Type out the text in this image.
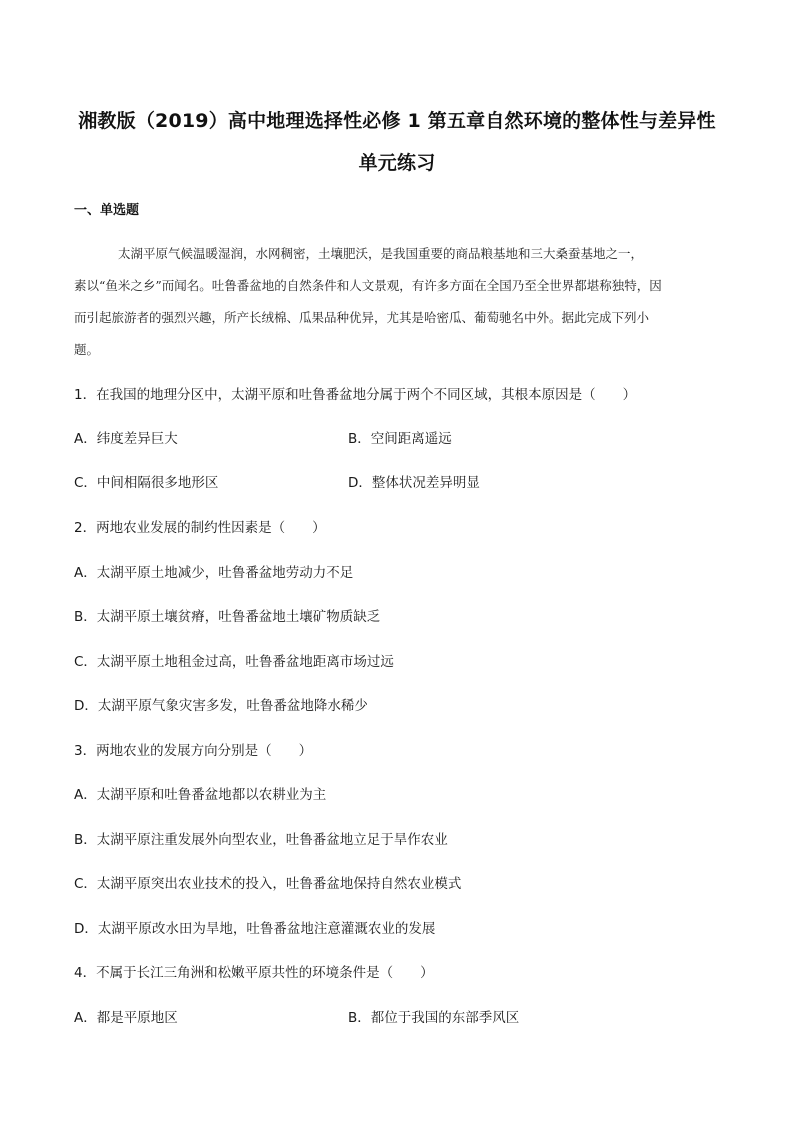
湘教版（2019）高中地理选择性必修 1 第五章自然环境的整体性与差异性
单元练习
一、单选题
太湖平原气候温暖湿润，水网稠密，土壤肥沃，是我国重要的商品粮基地和三大桑蚕基地之一，
素以“鱼米之乡”而闻名。吐鲁番盆地的自然条件和人文景观，有许多方面在全国乃至全世界都堪称独特，因
而引起旅游者的强烈兴趣，所产长绒棉、瓜果品种优异，尤其是哈密瓜、葡萄驰名中外。据此完成下列小
题。
1．在我国的地理分区中，太湖平原和吐鲁番盆地分属于两个不同区域，其根本原因是（　　）
A．纬度差异巨大	B．空间距离遥远
C．中间相隔很多地形区	D．整体状况差异明显
2．两地农业发展的制约性因素是（　　）
A．太湖平原土地减少，吐鲁番盆地劳动力不足
B．太湖平原土壤贫瘠，吐鲁番盆地土壤矿物质缺乏
C．太湖平原土地租金过高，吐鲁番盆地距离市场过远
D．太湖平原气象灾害多发，吐鲁番盆地降水稀少
3．两地农业的发展方向分别是（　　）
A．太湖平原和吐鲁番盆地都以农耕业为主
B．太湖平原注重发展外向型农业，吐鲁番盆地立足于旱作农业
C．太湖平原突出农业技术的投入，吐鲁番盆地保持自然农业模式
D．太湖平原改水田为旱地，吐鲁番盆地注意灌溉农业的发展
4．不属于长江三角洲和松嫩平原共性的环境条件是（　　）
A．都是平原地区	B．都位于我国的东部季风区
